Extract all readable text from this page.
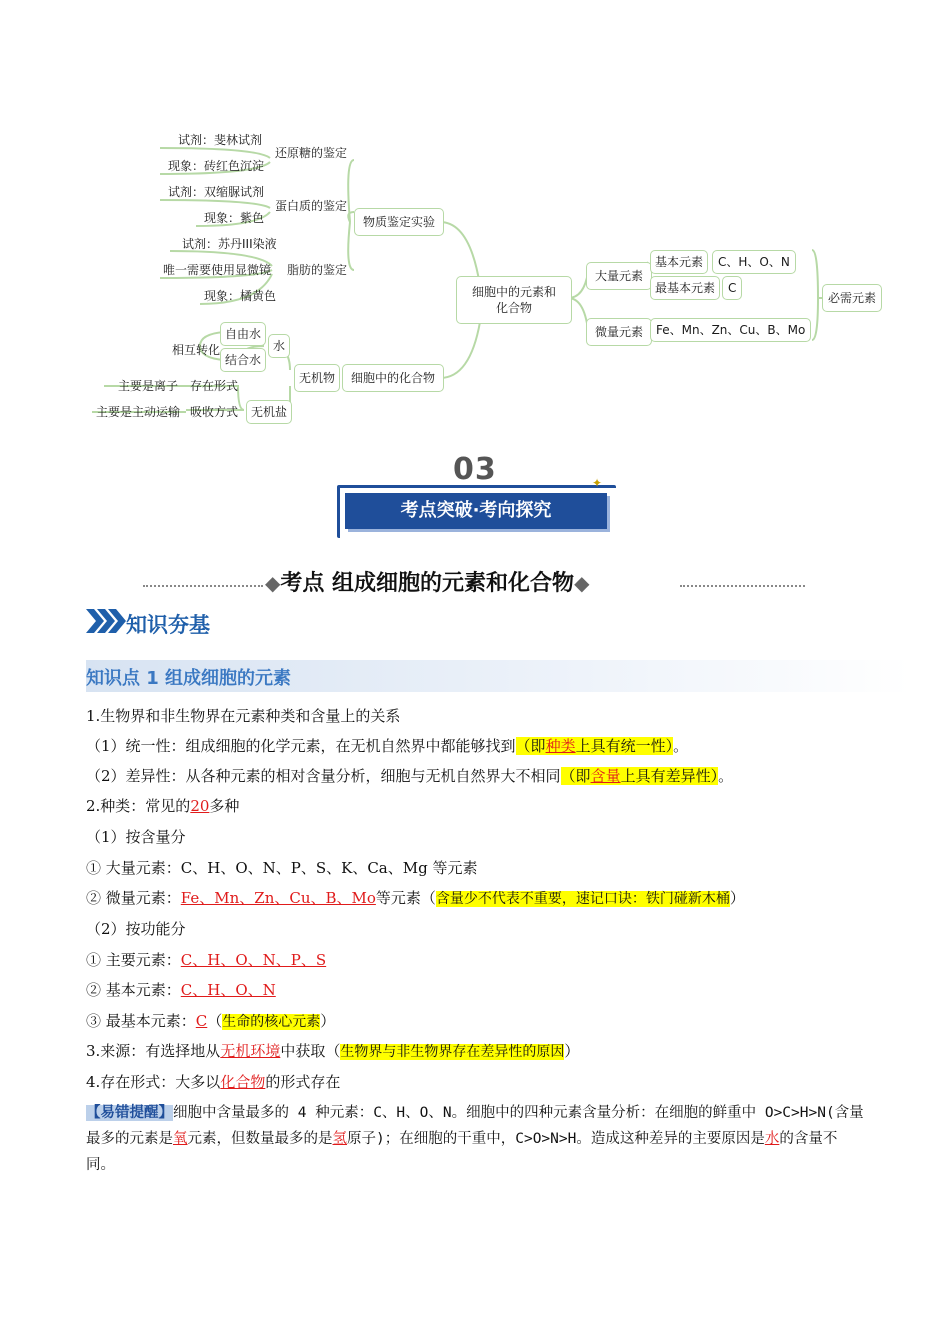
试剂：斐林试剂
现象：砖红色沉淀
试剂：双缩脲试剂
现象：紫色
试剂：苏丹III染液
唯一需要使用显微镜
现象：橘黄色
还原糖的鉴定
蛋白质的鉴定
脂肪的鉴定
物质鉴定实验
细胞中的元素和化合物
细胞中的化合物
无机物
水
自由水
结合水
相互转化
无机盐
存在形式
主要是离子
吸收方式
主要是主动运输
大量元素
微量元素
基本元素
最基本元素
C、H、O、N
C
Fe、Mn、Zn、Cu、B、Mo
必需元素
03
考点突破·考向探究
✦
◆考点 组成细胞的元素和化合物◆
知识夯基
知识点 1 组成细胞的元素
1.生物界和非生物界在元素种类和含量上的关系
（1）统一性：组成细胞的化学元素，在无机自然界中都能够找到（即种类上具有统一性）。
（2）差异性：从各种元素的相对含量分析，细胞与无机自然界大不相同（即含量上具有差异性）。
2.种类：常见的20多种
（1）按含量分
① 大量元素：C、H、O、N、P、S、K、Ca、Mg 等元素
② 微量元素：Fe、Mn、Zn、Cu、B、Mo等元素（含量少不代表不重要，速记口诀：铁门碰新木桶）
（2）按功能分
① 主要元素：C、H、O、N、P、S
② 基本元素：C、H、O、N
③ 最基本元素：C（生命的核心元素）
3.来源：有选择地从无机环境中获取（生物界与非生物界存在差异性的原因）
4.存在形式：大多以化合物的形式存在
【易错提醒】细胞中含量最多的 4 种元素：C、H、O、N。细胞中的四种元素含量分析：在细胞的鲜重中 O>C>H>N(含量最多的元素是氧元素，但数量最多的是氢原子)；在细胞的干重中，C>O>N>H。造成这种差异的主要原因是水的含量不同。
